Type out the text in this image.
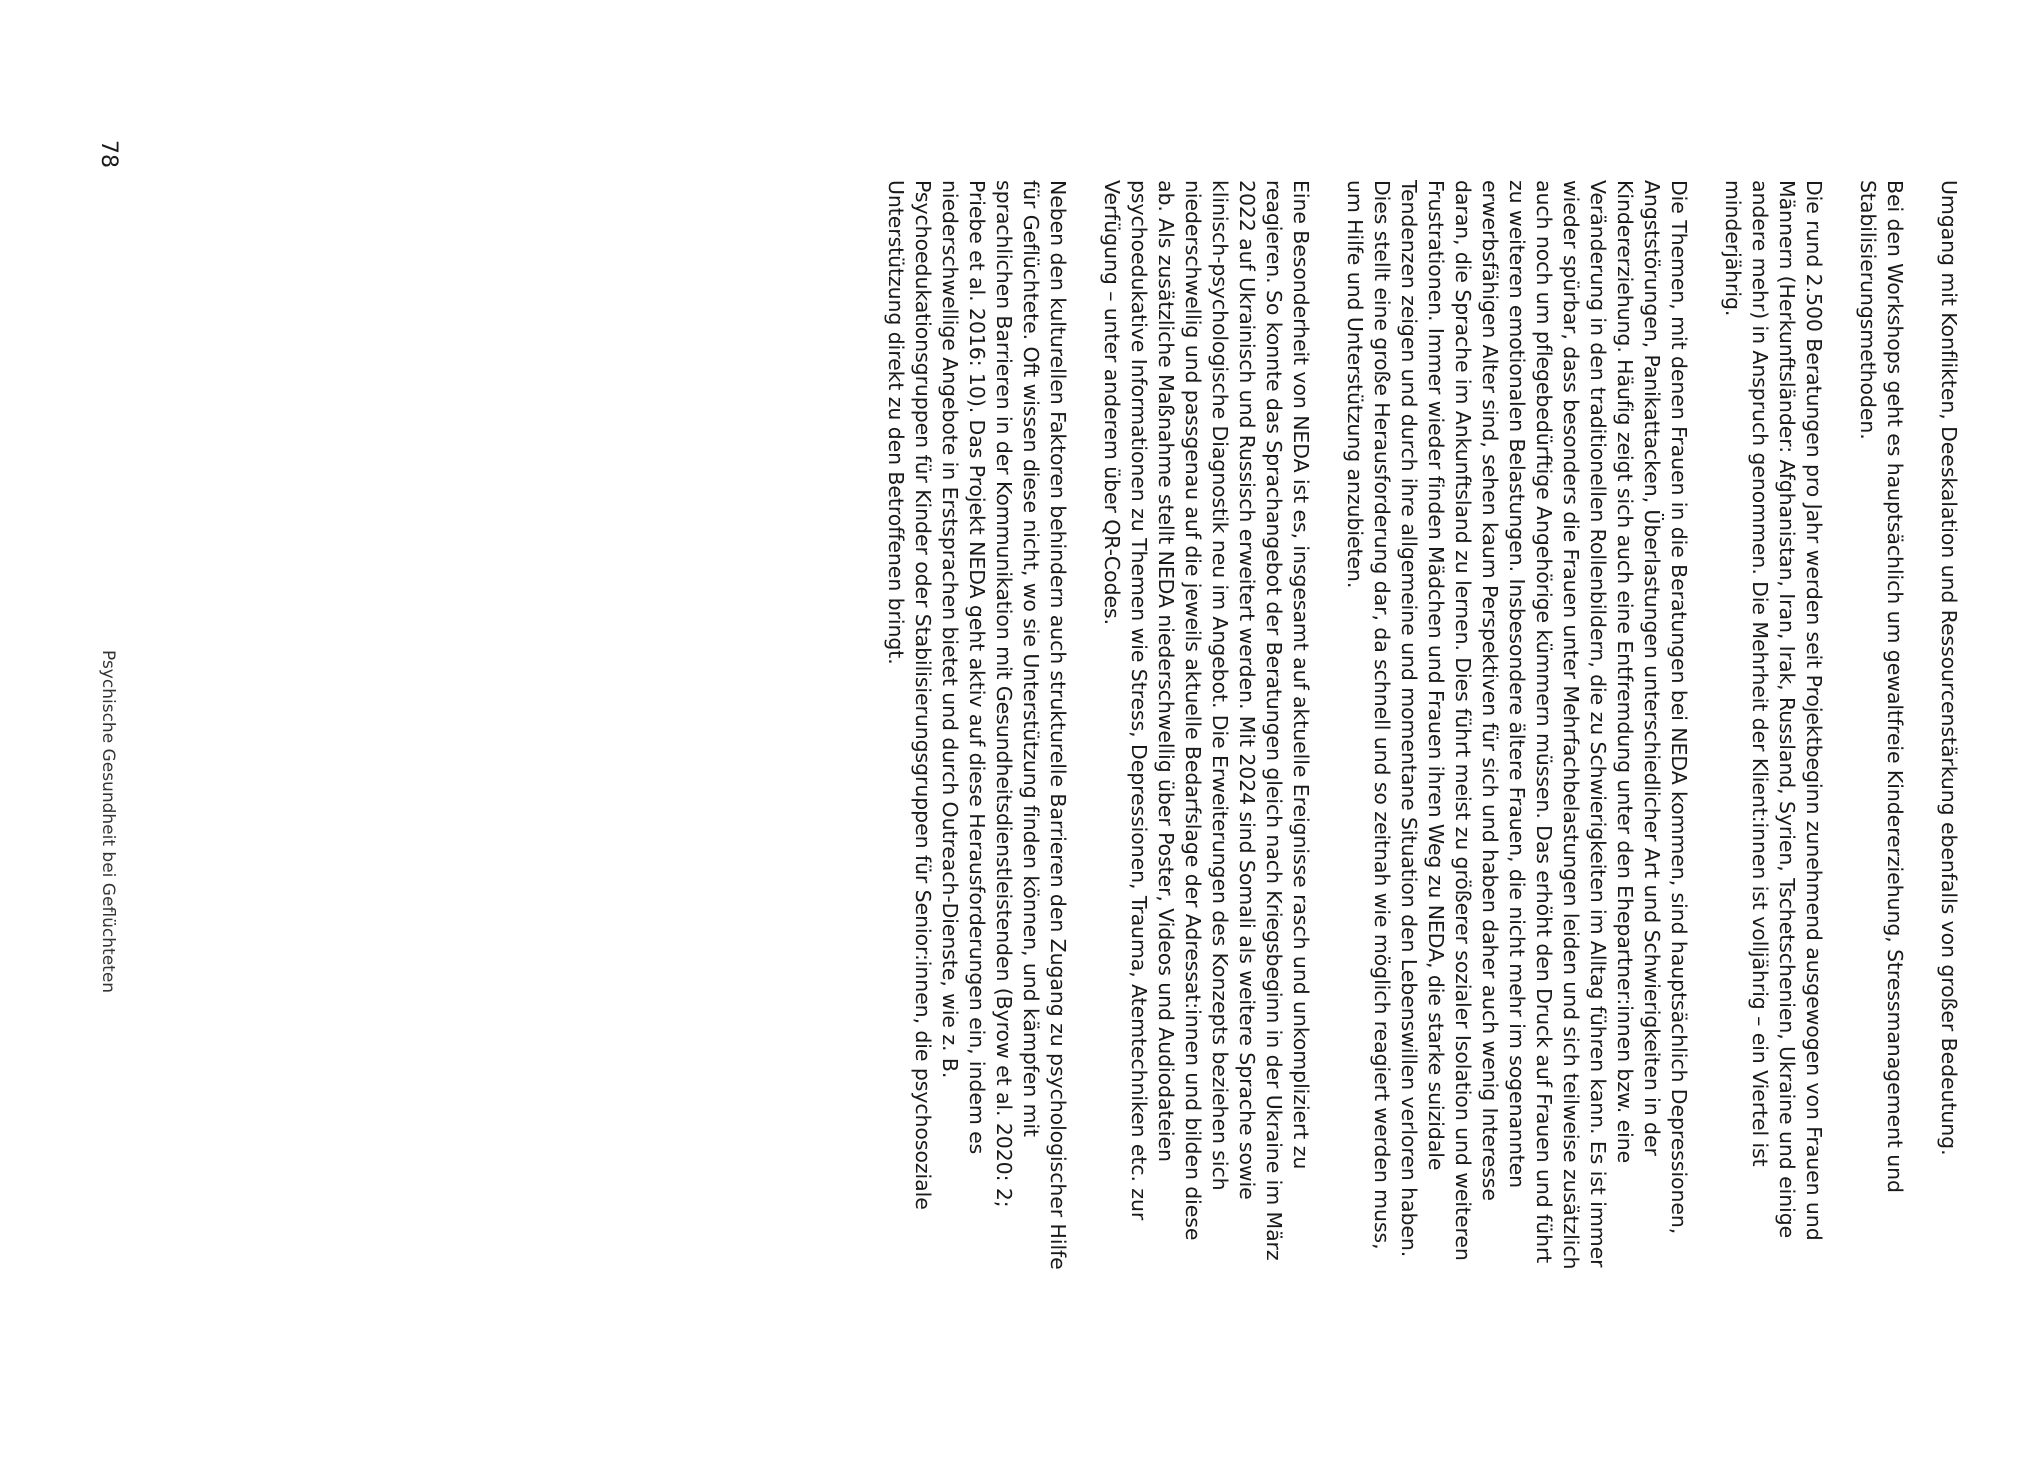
Umgang mit Konflikten, Deeskalation und Ressourcenstärkung ebenfalls von großer Bedeutung.

Bei den Workshops geht es hauptsächlich um gewaltfreie Kindererziehung, Stressmanagement und Stabilisierungsmethoden.

Die rund 2.500 Beratungen pro Jahr werden seit Projektbeginn zunehmend ausgewogen von Frauen und Männern (Herkunftsländer: Afghanistan, Iran, Irak, Russland, Syrien, Tschetschenien, Ukraine und einige andere mehr) in Anspruch genommen. Die Mehrheit der Klient:innen ist volljährig – ein Viertel ist minderjährig.

Die Themen, mit denen Frauen in die Beratungen bei NEDA kommen, sind hauptsächlich Depressionen, Angststörungen, Panikattacken, Überlastungen unterschiedlicher Art und Schwierigkeiten in der Kindererziehung. Häufig zeigt sich auch eine Entfremdung unter den Ehepartner:innen bzw. eine Veränderung in den traditionellen Rollenbildern, die zu Schwierigkeiten im Alltag führen kann. Es ist immer wieder spürbar, dass besonders die Frauen unter Mehrfachbelastungen leiden und sich teilweise zusätzlich auch noch um pflegebedürftige Angehörige kümmern müssen. Das erhöht den Druck auf Frauen und führt zu weiteren emotionalen Belastungen. Insbesondere ältere Frauen, die nicht mehr im sogenannten erwerbsfähigen Alter sind, sehen kaum Perspektiven für sich und haben daher auch wenig Interesse daran, die Sprache im Ankunftsland zu lernen. Dies führt meist zu größerer sozialer Isolation und weiteren Frustrationen. Immer wieder finden Mädchen und Frauen ihren Weg zu NEDA, die starke suizidale Tendenzen zeigen und durch ihre allgemeine und momentane Situation den Lebenswillen verloren haben. Dies stellt eine große Herausforderung dar, da schnell und so zeitnah wie möglich reagiert werden muss, um Hilfe und Unterstützung anzubieten.

Eine Besonderheit von NEDA ist es, insgesamt auf aktuelle Ereignisse rasch und unkompliziert zu reagieren. So konnte das Sprachangebot der Beratungen gleich nach Kriegsbeginn in der Ukraine im März 2022 auf Ukrainisch und Russisch erweitert werden. Mit 2024 sind Somali als weitere Sprache sowie klinisch-psychologische Diagnostik neu im Angebot. Die Erweiterungen des Konzepts beziehen sich niederschwellig und passgenau auf die jeweils aktuelle Bedarfslage der Adressat:innen und bilden diese ab. Als zusätzliche Maßnahme stellt NEDA niederschwellig über Poster, Videos und Audiodateien psychoedukative Informationen zu Themen wie Stress, Depressionen, Trauma, Atemtechniken etc. zur Verfügung – unter anderem über QR-Codes.

Neben den kulturellen Faktoren behindern auch strukturelle Barrieren den Zugang zu psychologischer Hilfe für Geflüchtete. Oft wissen diese nicht, wo sie Unterstützung finden können, und kämpfen mit sprachlichen Barrieren in der Kommunikation mit Gesundheitsdienstleistenden (Byrow et al. 2020: 2; Priebe et al. 2016: 10). Das Projekt NEDA geht aktiv auf diese Herausforderungen ein, indem es niederschwellige Angebote in Erstsprachen bietet und durch Outreach-Dienste, wie z. B. Psychoedukationsgruppen für Kinder oder Stabilisierungsgruppen für Senior:innen, die psychosoziale Unterstützung direkt zu den Betroffenen bringt.

Psychische Gesundheit bei Geflüchteten
78
